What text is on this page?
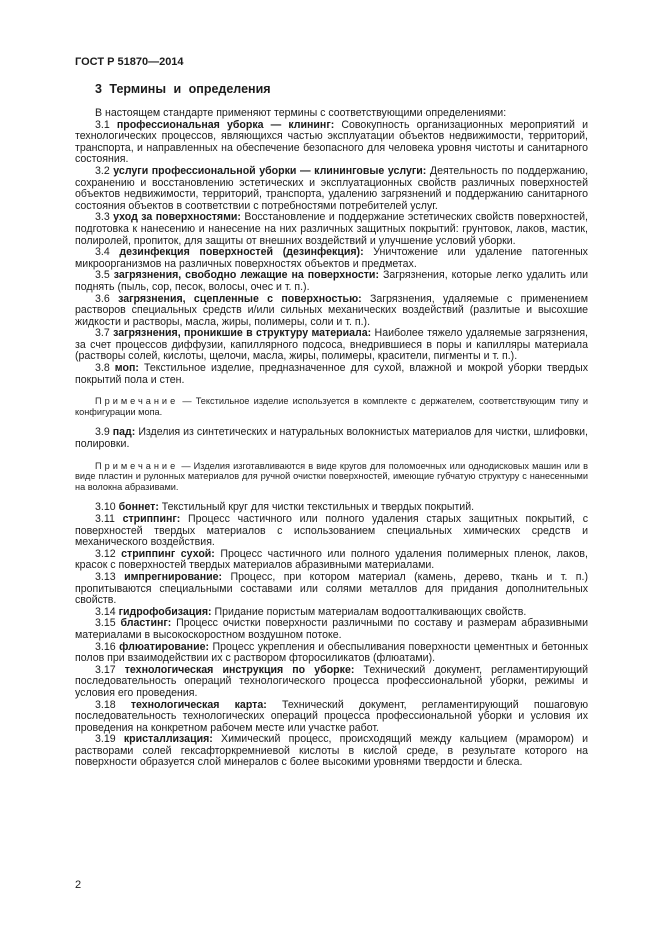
ГОСТ Р 51870—2014
3 Термины и определения

В настоящем стандарте применяют термины с соответствующими определениями:

3.1 профессиональная уборка — клининг: Совокупность организационных мероприятий и технологических процессов, являющихся частью эксплуатации объектов недвижимости, территорий, транспорта, и направленных на обеспечение безопасного для человека уровня чистоты и санитарного состояния.

3.2 услуги профессиональной уборки — клининговые услуги: Деятельность по поддержанию, сохранению и восстановлению эстетических и эксплуатационных свойств различных поверхностей объектов недвижимости, территорий, транспорта, удалению загрязнений и поддержанию санитарного состояния объектов в соответствии с потребностями потребителей услуг.

3.3 уход за поверхностями: Восстановление и поддержание эстетических свойств поверхностей, подготовка к нанесению и нанесение на них различных защитных покрытий: грунтовок, лаков, мастик, полиролей, пропиток, для защиты от внешних воздействий и улучшение условий уборки.

3.4 дезинфекция поверхностей (дезинфекция): Уничтожение или удаление патогенных микроорганизмов на различных поверхностях объектов и предметах.

3.5 загрязнения, свободно лежащие на поверхности: Загрязнения, которые легко удалить или поднять (пыль, сор, песок, волосы, очес и т. п.).

3.6 загрязнения, сцепленные с поверхностью: Загрязнения, удаляемые с применением растворов специальных средств и/или сильных механических воздействий (разлитые и высохшие жидкости и растворы, масла, жиры, полимеры, соли и т. п.).

3.7 загрязнения, проникшие в структуру материала: Наиболее тяжело удаляемые загрязнения, за счет процессов диффузии, капиллярного подсоса, внедрившиеся в поры и капилляры материала (растворы солей, кислоты, щелочи, масла, жиры, полимеры, красители, пигменты и т. п.).

3.8 моп: Текстильное изделие, предназначенное для сухой, влажной и мокрой уборки твердых покрытий пола и стен.

Примечание — Текстильное изделие используется в комплекте с держателем, соответствующим типу и конфигурации мопа.

3.9 пад: Изделия из синтетических и натуральных волокнистых материалов для чистки, шлифовки, полировки.

Примечание — Изделия изготавливаются в виде кругов для поломоечных или однодисковых машин или в виде пластин и рулонных материалов для ручной очистки поверхностей, имеющие губчатую структуру с нанесенными на волокна абразивами.

3.10 боннет: Текстильный круг для чистки текстильных и твердых покрытий.

3.11 стриппинг: Процесс частичного или полного удаления старых защитных покрытий, с поверхностей твердых материалов с использованием специальных химических средств и механического воздействия.

3.12 стриппинг сухой: Процесс частичного или полного удаления полимерных пленок, лаков, красок с поверхностей твердых материалов абразивными материалами.

3.13 импрегнирование: Процесс, при котором материал (камень, дерево, ткань и т. п.) пропитываются специальными составами или солями металлов для придания дополнительных свойств.

3.14 гидрофобизация: Придание пористым материалам водоотталкивающих свойств.

3.15 бластинг: Процесс очистки поверхности различными по составу и размерам абразивными материалами в высокоскоростном воздушном потоке.

3.16 флюатирование: Процесс укрепления и обеспыливания поверхности цементных и бетонных полов при взаимодействии их с раствором фторосиликатов (флюатами).

3.17 технологическая инструкция по уборке: Технический документ, регламентирующий последовательность операций технологического процесса профессиональной уборки, режимы и условия его проведения.

3.18 технологическая карта: Технический документ, регламентирующий пошаговую последовательность технологических операций процесса профессиональной уборки и условия их проведения на конкретном рабочем месте или участке работ.

3.19 кристаллизация: Химический процесс, происходящий между кальцием (мрамором) и растворами солей гексафторкремниевой кислоты в кислой среде, в результате которого на поверхности образуется слой минералов с более высокими уровнями твердости и блеска.

2
